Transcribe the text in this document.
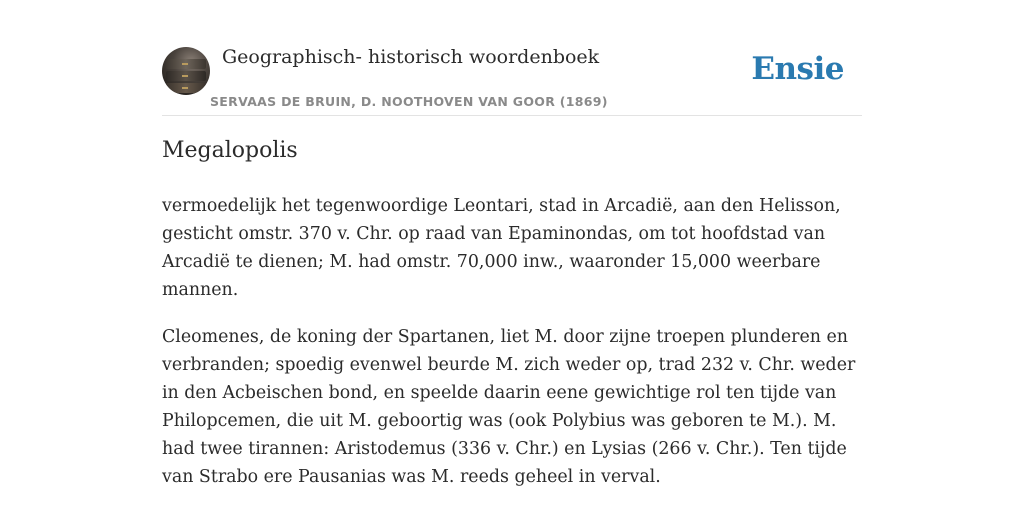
Geographisch- historisch woordenboek
SERVAAS DE BRUIN, D. NOOTHOVEN VAN GOOR (1869)
Ensie
Megalopolis

vermoedelijk het tegenwoordige Leontari, stad in Arcadië, aan den Helisson, gesticht omstr. 370 v. Chr. op raad van Epaminondas, om tot hoofdstad van Arcadië te dienen; M. had omstr. 70,000 inw., waaronder 15,000 weerbare mannen.

Cleomenes, de koning der Spartanen, liet M. door zijne troepen plunderen en verbranden; spoedig evenwel beurde M. zich weder op, trad 232 v. Chr. weder in den Acbeischen bond, en speelde daarin eene gewichtige rol ten tijde van Philopcemen, die uit M. geboortig was (ook Polybius was geboren te M.). M. had twee tirannen: Aristodemus (336 v. Chr.) en Lysias (266 v. Chr.). Ten tijde van Strabo ere Pausanias was M. reeds geheel in verval.
